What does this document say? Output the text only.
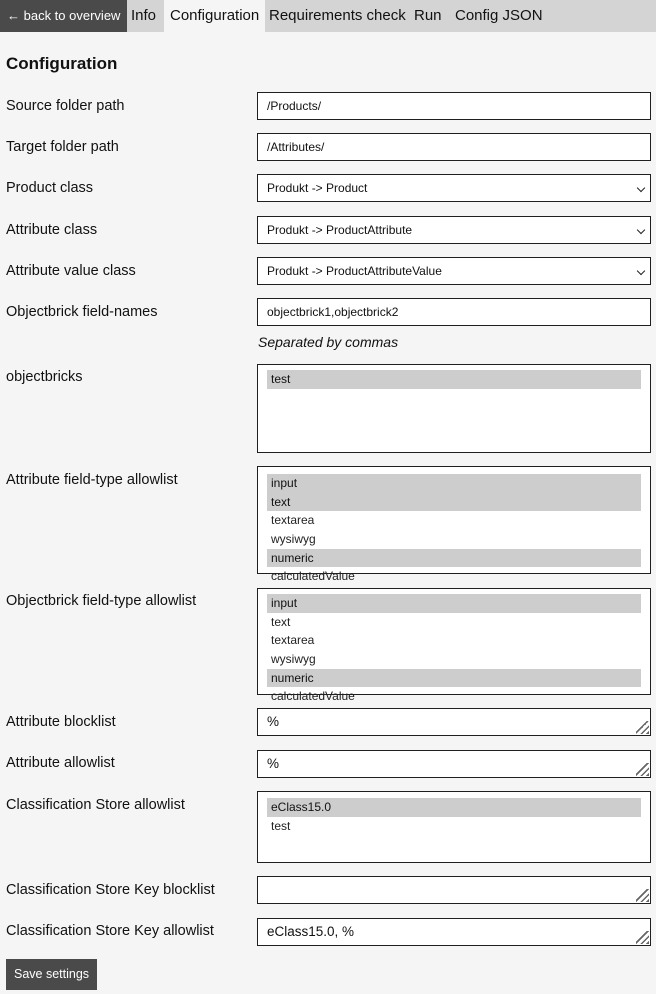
← back to overview Info Configuration Requirements check Run Config JSON
Configuration
Source folder path	/Products/
Target folder path	/Attributes/
Product class	Produkt -> Product
Attribute class	Produkt -> ProductAttribute
Attribute value class	Produkt -> ProductAttributeValue
Objectbrick field-names	objectbrick1,objectbrick2
Separated by commas
objectbricks	test
Attribute field-type allowlist	input
text
textarea
wysiwyg
numeric
calculatedValue
Objectbrick field-type allowlist	input
text
textarea
wysiwyg
numeric
calculatedValue
Attribute blocklist	%
Attribute allowlist	%
Classification Store allowlist	eClass15.0
test
Classification Store Key blocklist
Classification Store Key allowlist	eClass15.0, %
Save settings
